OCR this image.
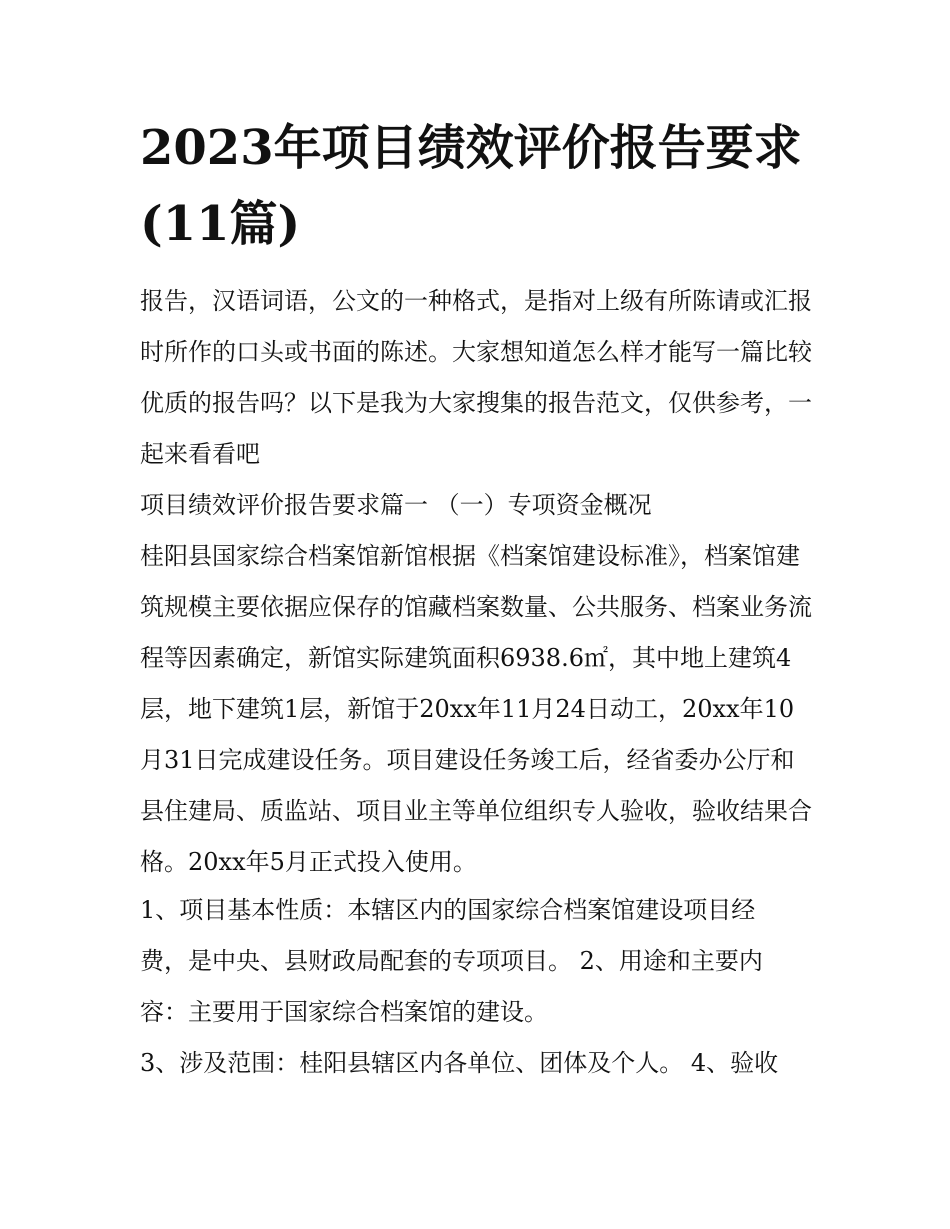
2023年项目绩效评价报告要求(11篇)

报告，汉语词语，公文的一种格式，是指对上级有所陈请或汇报时所作的口头或书面的陈述。大家想知道怎么样才能写一篇比较优质的报告吗？以下是我为大家搜集的报告范文，仅供参考，一起来看看吧

项目绩效评价报告要求篇一 （一）专项资金概况

桂阳县国家综合档案馆新馆根据《档案馆建设标准》，档案馆建筑规模主要依据应保存的馆藏档案数量、公共服务、档案业务流程等因素确定，新馆实际建筑面积6938.6㎡，其中地上建筑4层，地下建筑1层，新馆于20xx年11月24日动工，20xx年10月31日完成建设任务。项目建设任务竣工后，经省委办公厅和县住建局、质监站、项目业主等单位组织专人验收，验收结果合格。20xx年5月正式投入使用。

1、项目基本性质：本辖区内的国家综合档案馆建设项目经费，是中央、县财政局配套的专项项目。 2、用途和主要内容：主要用于国家综合档案馆的建设。

3、涉及范围：桂阳县辖区内各单位、团体及个人。 4、验收
